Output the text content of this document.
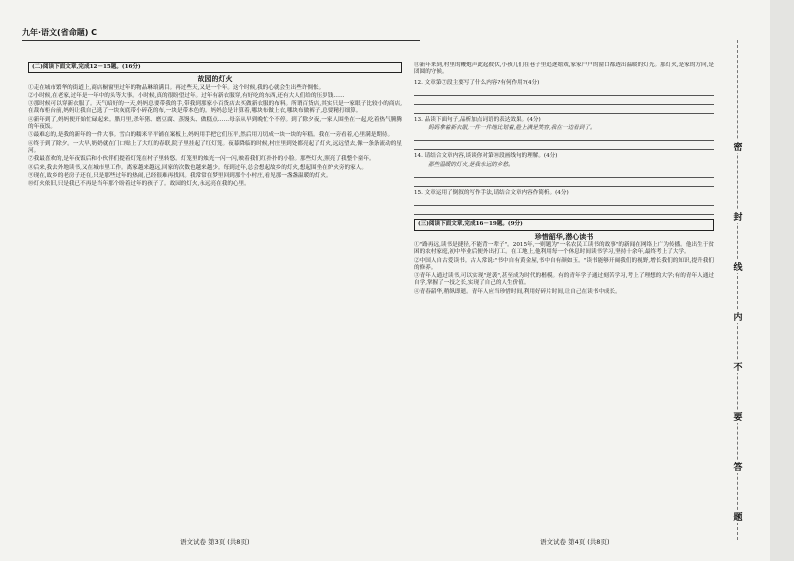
九年·语文(省命题) C
(二)阅读下面文章,完成12－15题。(16分)
故园的灯火
①走在城市繁华的街道上,商店橱窗里过年的物品琳琅满目。再过些天,又是一个年。这个时候,我的心就会生出些许惆怅。
②小时候,在老家,过年是一年中的头等大事。小时候,真的很盼望过年。过年有新衣服穿,有好吃的东西,还有大人们给的压岁钱……
③那时候可以穿新衣服了。天气暗好的一天,妈妈总要带我的手,带我到那家小百货店去买做新衣服的布料。所谓百货店,其实只是一家眼子比较小的商店,在裁布柜台前,妈妈让我自己选了一块灰底带小碎花的布,一块是带本色的。妈妈总是计算着,哪块布做上衣,哪块布做裤子,总要精打细算。
④新年到了,妈妈便开始忙碌起来。腊月里,杀年猪、磨豆腐、蒸馒头、做糕点……母亲从早到晚忙个不停。到了除夕夜,一家人围坐在一起,吃着热气腾腾的年夜饭。
⑤最难忘的,是我的新年的一件大事。雪白的糯米平平铺在案板上,妈妈用手把它们压平,然后用刀切成一块一块的年糕。我在一旁看着,心里满是期待。
⑥终于到了除夕。一大早,奶奶就在门口贴上了大红的春联,院子里挂起了红灯笼。夜幕降临的时候,村庄里到处都亮起了灯火,远远望去,像一条条流动的星河。
⑦我最喜欢的,是年夜饭后和小伙伴们提着灯笼在村子里转悠。灯笼里的烛光一闪一闪,映着我们红扑扑的小脸。那些灯火,照亮了我整个童年。
⑧后来,我去外地读书,又在城市里工作。离家越来越远,回家的次数也越来越少。每到过年,总会想起故乡的灯火,想起围坐在炉火旁的家人。
⑨现在,故乡的老房子还在,只是那些过年的热闹,已经很难再找回。我常常在梦里回到那个小村庄,看见那一盏盏温暖的灯火。
⑩灯火依旧,只是我已不再是当年那个盼着过年的孩子了。故园的灯火,永远亮在我的心里。
⑪新年来到,村里的鞭炮声此起彼伏,小孩儿们在巷子里追逐嬉戏,家家户户的窗口都透出温暖的灯光。那灯火,是家的方向,是团圆的守候。
12. 文章第⑦段主要写了什么内容?有何作用?(4分)
13. 品读下面句子,品析加点词语的表达效果。(4分)
妈妈拿着新衣服,一件一件地比划着,脸上满是笑容,我在一边看到了。
14. 请结合文章内容,谈谈你对第⑩段画线句的理解。(4分)
那些温暖的灯火,是我永远的乡愁。
15. 文章运用了倒叙的写作手法,请结合文章内容作简析。(4分)
(三)阅读下面文章,完成16－19题。(9分)
珍惜韶华,潜心读书
①"路再远,读书是捷径,不能背一辈子"。2015年,一则题为"一名农民工读书的故事"的新闻在网络上广为传播。他出生于贫困的农村家庭,初中毕业后便外出打工。在工地上,他利用每一个休息时间读书学习,坚持十余年,最终考上了大学。
②中国人自古爱读书。古人常说:"书中自有黄金屋,书中自有颜如玉。"读书能够开阔我们的视野,增长我们的知识,提升我们的修养。
③青年人通过读书,可以实现"逆袭",甚至成为时代的楷模。有的青年学子通过刻苦学习,考上了理想的大学;有的青年人通过自学,掌握了一技之长,实现了自己的人生价值。
④青春韶华,稍纵即逝。青年人应当珍惜时间,利用好碎片时间,让自己在读书中成长。
语文试卷 第3页 (共8页)	语文试卷 第4页 (共8页)
密
封
线
内
不
要
答
题
